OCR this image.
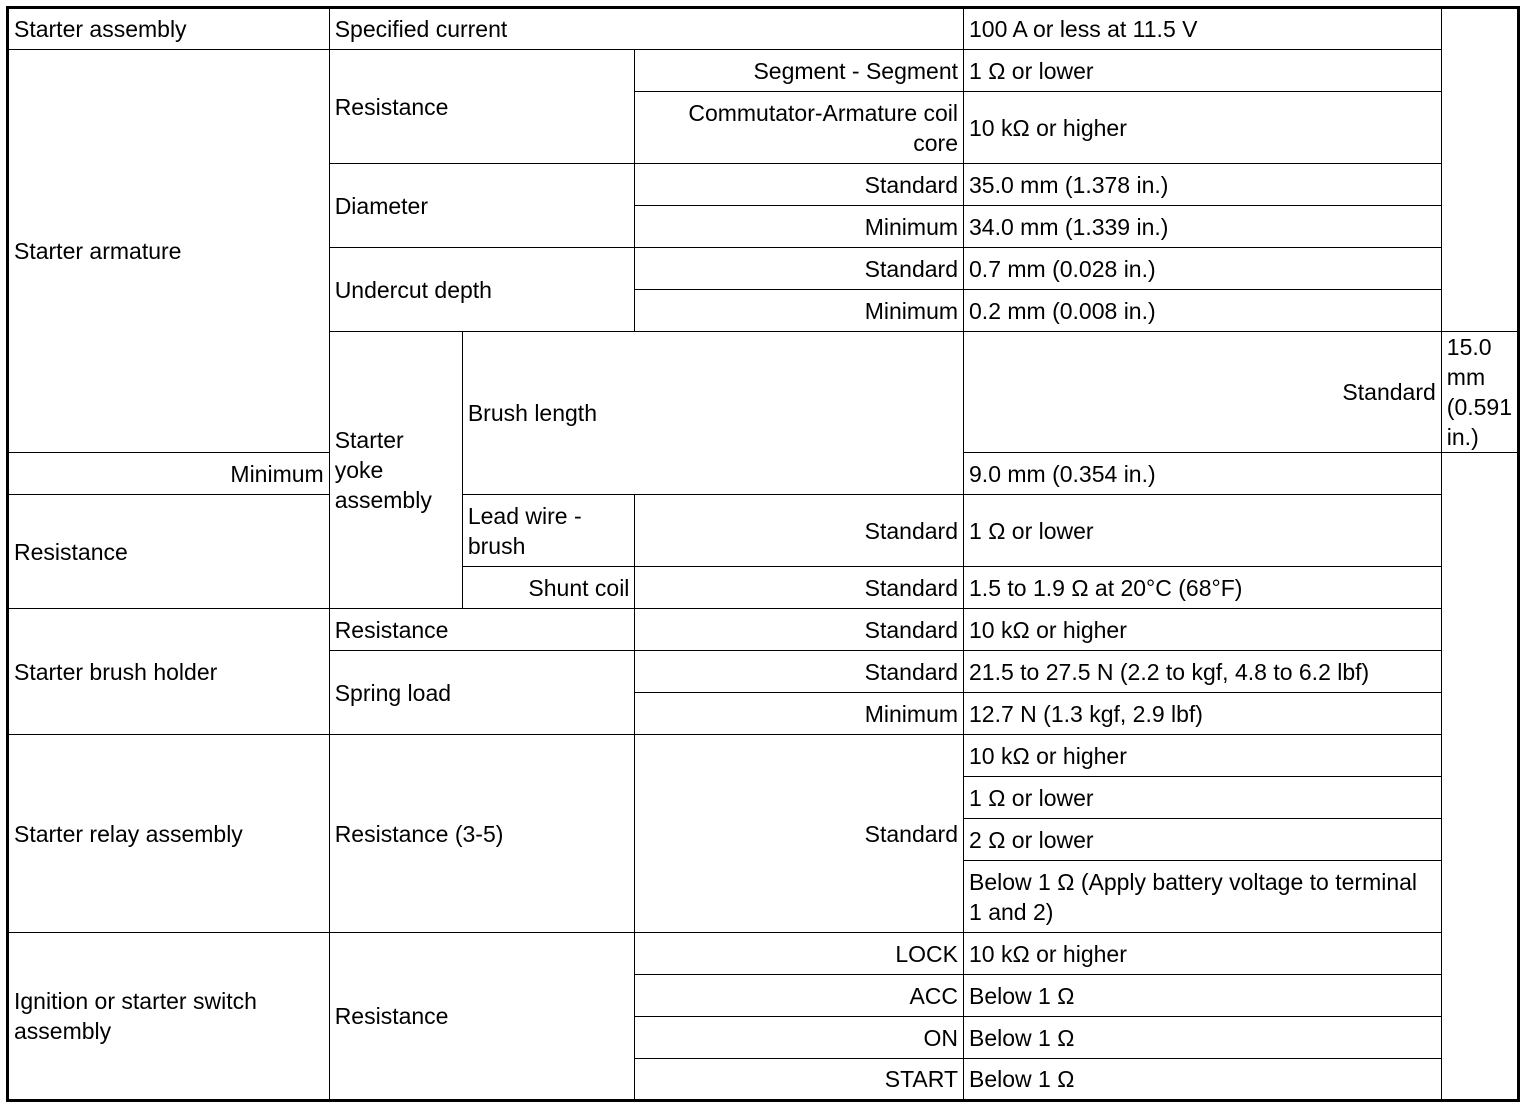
Starter assembly	Specified current			100 A or less at 11.5 V	
Starter armature	Resistance		Segment - Segment	1 Ω or lower	
			Commutator-Armature coil core	10 kΩ or higher	
	Diameter		Standard	35.0 mm (1.378 in.)	
			Minimum	34.0 mm (1.339 in.)	
	Undercut depth		Standard	0.7 mm (0.028 in.)	
			Minimum	0.2 mm (0.008 in.)	
	Starter yoke assembly	Brush length		Standard	15.0 mm (0.591 in.)
Minimum				9.0 mm (0.354 in.)	
Resistance		Lead wire - brush	Standard	1 Ω or lower	
		Shunt coil	Standard	1.5 to 1.9 Ω at 20°C (68°F)	
Starter brush holder	Resistance		Standard	10 kΩ or higher	
	Spring load		Standard	21.5 to 27.5 N (2.2 to kgf, 4.8 to 6.2 lbf)	
			Minimum	12.7 N (1.3 kgf, 2.9 lbf)	
Starter relay assembly	Resistance (3-5)		Standard	10 kΩ or higher	
				1 Ω or lower	
				2 Ω or lower	
				Below 1 Ω (Apply battery voltage to terminal 1 and 2)	
Ignition or starter switch assembly	Resistance		LOCK	10 kΩ or higher	
			ACC	Below 1 Ω	
			ON	Below 1 Ω	
			START	Below 1 Ω	
